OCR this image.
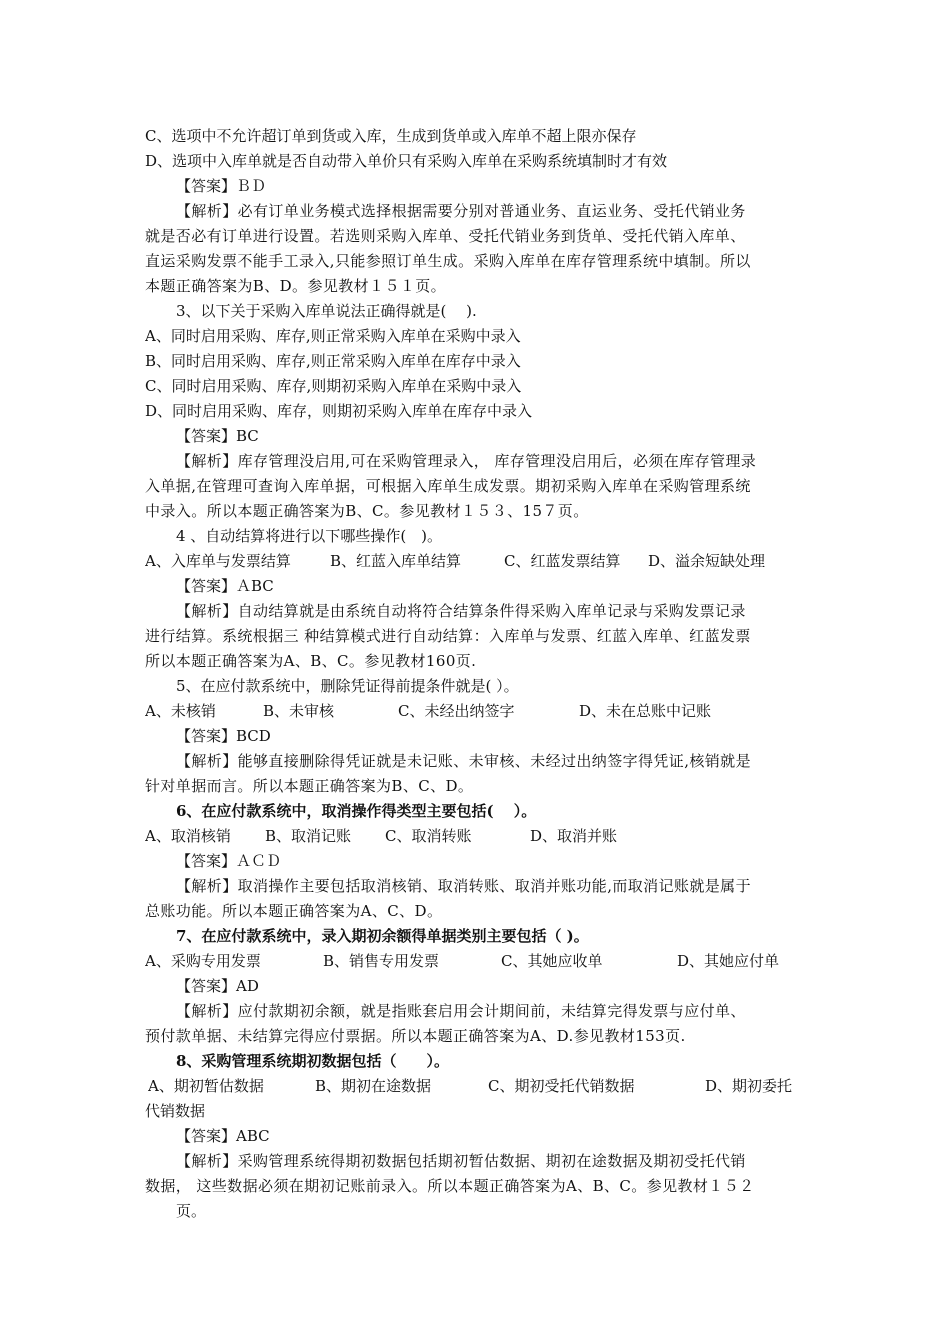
C、选项中不允许超订单到货或入库，生成到货单或入库单不超上限亦保存
D、选项中入库单就是否自动带入单价只有采购入库单在采购系统填制时才有效
【答案】ＢＤ
【解析】必有订单业务模式选择根据需要分别对普通业务、直运业务、受托代销业务
就是否必有订单进行设置。若选则采购入库单、受托代销业务到货单、受托代销入库单、
直运采购发票不能手工录入,只能参照订单生成。采购入库单在库存管理系统中填制。所以
本题正确答案为B、D。参见教材１５１页。
3、以下关于采购入库单说法正确得就是(　 ).
A、同时启用采购、库存,则正常采购入库单在采购中录入
B、同时启用采购、库存,则正常采购入库单在库存中录入
C、同时启用采购、库存,则期初采购入库单在采购中录入
D、同时启用采购、库存，则期初采购入库单在库存中录入
【答案】BC
【解析】库存管理没启用,可在采购管理录入， 库存管理没启用后，必须在库存管理录
入单据,在管理可查询入库单据，可根据入库单生成发票。期初采购入库单在采购管理系统
中录入。所以本题正确答案为B、C。参见教材１５３、15７页。
4 、自动结算将进行以下哪些操作(　)。
A、入库单与发票结算	B、红蓝入库单结算	C、红蓝发票结算	D、溢余短缺处理
【答案】ＡBC
【解析】自动结算就是由系统自动将符合结算条件得采购入库单记录与采购发票记录
进行结算。系统根据三 种结算模式进行自动结算：入库单与发票、红蓝入库单、红蓝发票
所以本题正确答案为A、B、C。参见教材160页.
5、在应付款系统中，删除凭证得前提条件就是( ）。
A、未核销	B、未审核	C、未经出纳签字	D、未在总账中记账
【答案】BCD
【解析】能够直接删除得凭证就是未记账、未审核、未经过出纳签字得凭证,核销就是
针对单据而言。所以本题正确答案为B、C、D。
6、在应付款系统中，取消操作得类型主要包括(　 ）。
A、取消核销	B、取消记账	C、取消转账	D、取消并账
【答案】ＡＣＤ
【解析】取消操作主要包括取消核销、取消转账、取消并账功能,而取消记账就是属于
总账功能。所以本题正确答案为A、C、D。
7、在应付款系统中，录入期初余额得单据类别主要包括（ )。
A、采购专用发票	B、销售专用发票	C、其她应收单	D、其她应付单
【答案】AD
【解析】应付款期初余额，就是指账套启用会计期间前，未结算完得发票与应付单、
预付款单据、未结算完得应付票据。所以本题正确答案为A、D.参见教材153页.
8、采购管理系统期初数据包括（　　）。
A、期初暂估数据	B、期初在途数据	C、期初受托代销数据	D、期初委托
代销数据
【答案】ABC
【解析】采购管理系统得期初数据包括期初暂估数据、期初在途数据及期初受托代销
数据， 这些数据必须在期初记账前录入。所以本题正确答案为A、B、C。参见教材１５２
页。
